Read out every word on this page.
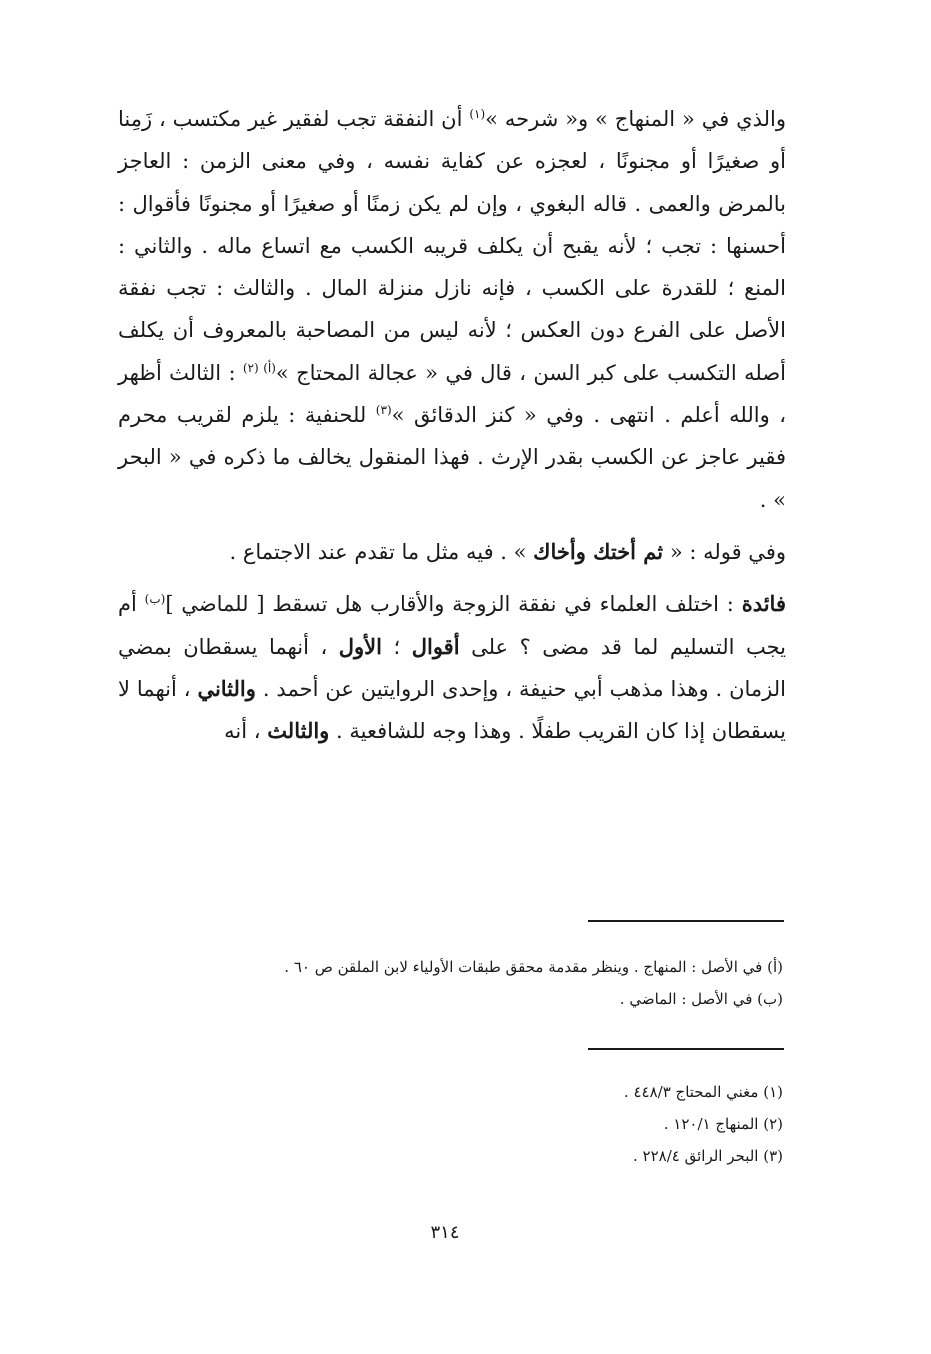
والذي في « المنهاج » و« شرحه »$^{(١)}$ أن النفقة تجب لفقير غير مكتسب ، زَمِنا أو صغيرًا أو مجنونًا ، لعجزه عن كفاية نفسه ، وفي معنى الزمن : العاجز بالمرض والعمى . قاله البغوي ، وإن لم يكن زمنًا أو صغيرًا أو مجنونًا فأقوال : أحسنها : تجب ؛ لأنه يقبح أن يكلف قريبه الكسب مع اتساع ماله . والثاني : المنع ؛ للقدرة على الكسب ، فإنه نازل منزلة المال . والثالث : تجب نفقة الأصل على الفرع دون العكس ؛ لأنه ليس من المصاحبة بالمعروف أن يكلف أصله التكسب على كبر السن ، قال في « عجالة المحتاج »$^{(أ) (٢)}$ : الثالث أظهر ، والله أعلم . انتهى . وفي « كنز الدقائق »$^{(٣)}$ للحنفية : يلزم لقريب محرم فقير عاجز عن الكسب بقدر الإرث . فهذا المنقول يخالف ما ذكره في « البحر » .

وفي قوله : « ثم أختك وأخاك » . فيه مثل ما تقدم عند الاجتماع .

فائدة : اختلف العلماء في نفقة الزوجة والأقارب هل تسقط [ للماضي ]$^{(ب)}$ أم يجب التسليم لما قد مضى ؟ على أقوال ؛ الأول ، أنهما يسقطان بمضي الزمان . وهذا مذهب أبي حنيفة ، وإحدى الروايتين عن أحمد . والثاني ، أنهما لا يسقطان إذا كان القريب طفلًا . وهذا وجه للشافعية . والثالث ، أنه

(أ) في الأصل : المنهاج . وينظر مقدمة محقق طبقات الأولياء لابن الملقن ص ٦٠ .

(ب) في الأصل : الماضي .

(١) مغني المحتاج ٤٤٨/٣ .

(٢) المنهاج ١٢٠/١ .

(٣) البحر الرائق ٢٢٨/٤ .

٣١٤
